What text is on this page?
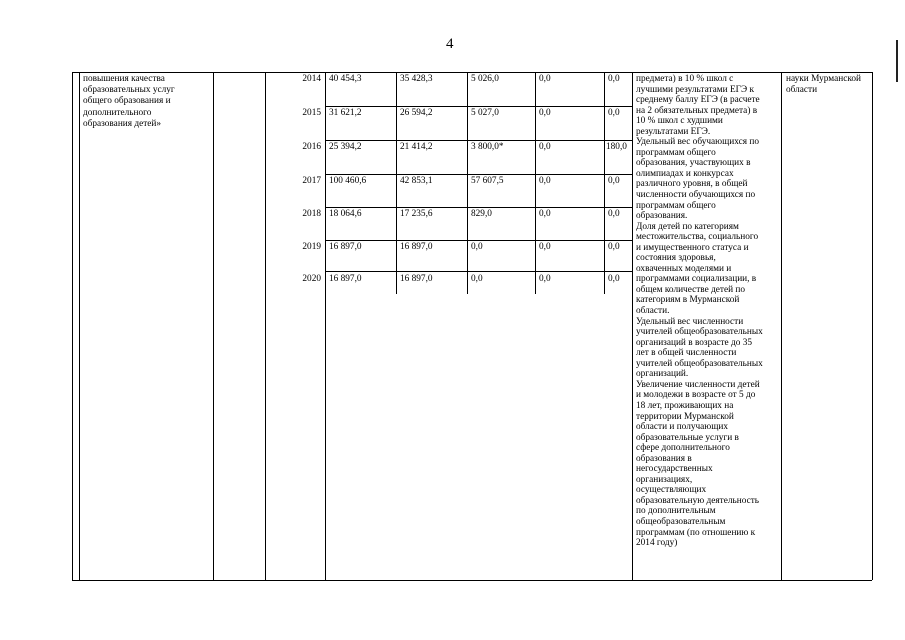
4
повышения качества
образовательных услуг
общего образования и
дополнительного
образования детей»
2014 40 454,3	35 428,3	5 026,0	0,0	0,0
2015 31 621,2	26 594,2	5 027,0	0,0	0,0
2016 25 394,2	21 414,2	3 800,0*	0,0	180,0
2017 100 460,6	42 853,1	57 607,5	0,0	0,0
2018 18 064,6	17 235,6	829,0	0,0	0,0
2019 16 897,0	16 897,0	0,0	0,0	0,0
2020 16 897,0	16 897,0	0,0	0,0	0,0
предмета) в 10 % школ с
лучшими результатами ЕГЭ к
среднему баллу ЕГЭ (в расчете
на 2 обязательных предмета) в
10 % школ с худшими
результатами ЕГЭ.
Удельный вес обучающихся по
программам общего
образования, участвующих в
олимпиадах и конкурсах
различного уровня, в общей
численности обучающихся по
программам общего
образования.
Доля детей по категориям
местожительства, социального
и имущественного статуса и
состояния здоровья,
охваченных моделями и
программами социализации, в
общем количестве детей по
категориям в Мурманской
области.
Удельный вес численности
учителей общеобразовательных
организаций в возрасте до 35
лет в общей численности
учителей общеобразовательных
организаций.
Увеличение численности детей
и молодежи в возрасте от 5 до
18 лет, проживающих на
территории Мурманской
области и получающих
образовательные услуги в
сфере дополнительного
образования в
негосударственных
организациях,
осуществляющих
образовательную деятельность
по дополнительным
общеобразовательным
программам (по отношению к
2014 году)
науки Мурманской
области
